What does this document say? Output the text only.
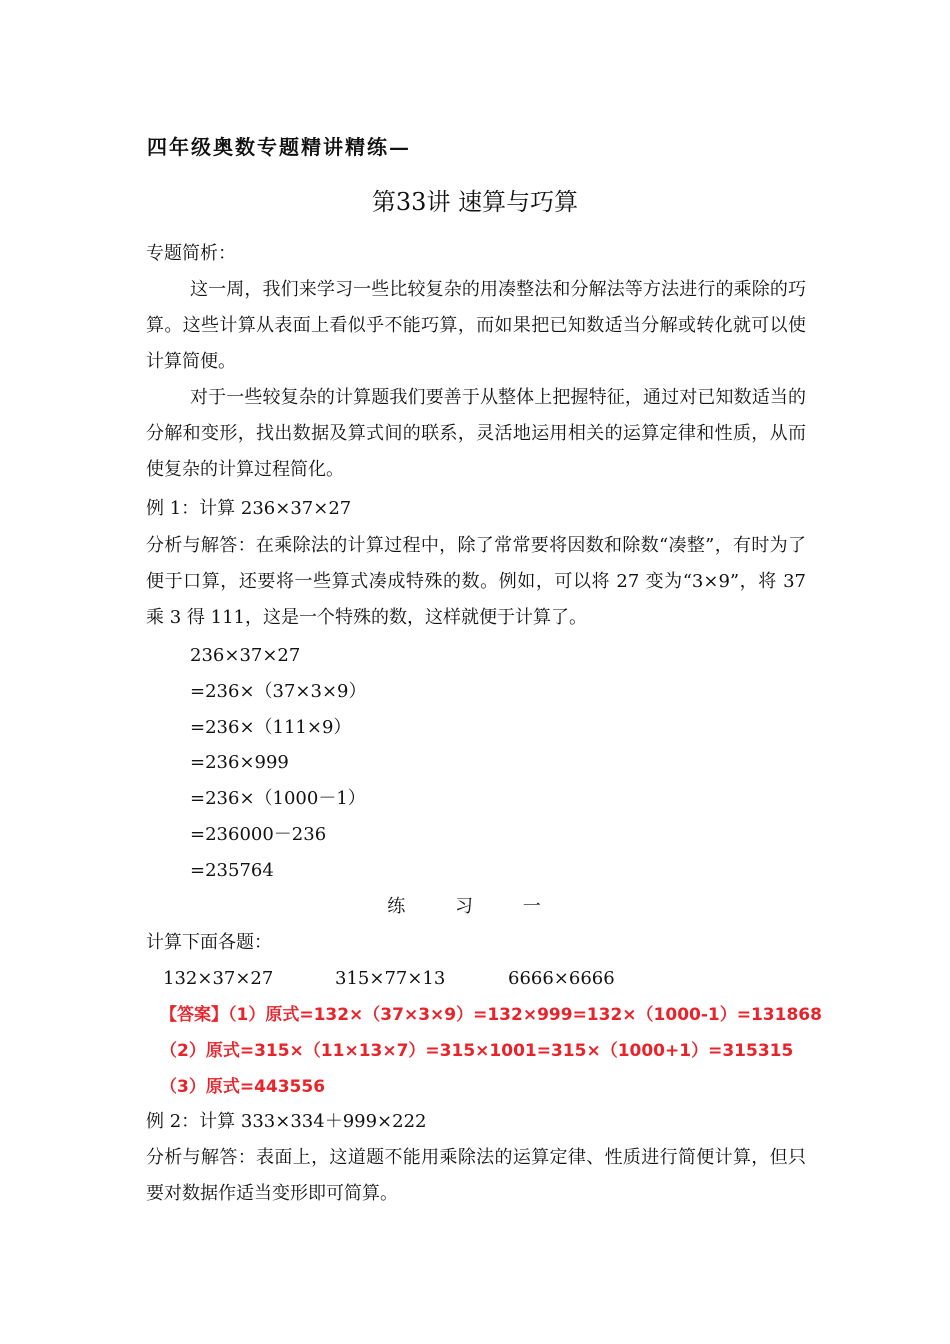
四年级奥数专题精讲精练—
第33讲 速算与巧算
专题简析：
这一周，我们来学习一些比较复杂的用凑整法和分解法等方法进行的乘除的巧算。这些计算从表面上看似乎不能巧算，而如果把已知数适当分解或转化就可以使计算简便。
对于一些较复杂的计算题我们要善于从整体上把握特征，通过对已知数适当的分解和变形，找出数据及算式间的联系，灵活地运用相关的运算定律和性质，从而使复杂的计算过程简化。
例 1：计算 236×37×27
分析与解答：在乘除法的计算过程中，除了常常要将因数和除数“凑整”，有时为了便于口算，还要将一些算式凑成特殊的数。例如，可以将 27 变为“3×9”，将 37 乘 3 得 111，这是一个特殊的数，这样就便于计算了。
236×37×27
=236×（37×3×9）
=236×（111×9）
=236×999
=236×（1000－1）
=236000－236
=235764
练 习 一
计算下面各题：
132×37×27	315×77×13	6666×6666
【答案】（1）原式=132×（37×3×9）=132×999=132×（1000-1）=131868
（2）原式=315×（11×13×7）=315×1001=315×（1000+1）=315315
（3）原式=443556
例 2：计算 333×334＋999×222
分析与解答：表面上，这道题不能用乘除法的运算定律、性质进行简便计算，但只要对数据作适当变形即可简算。
